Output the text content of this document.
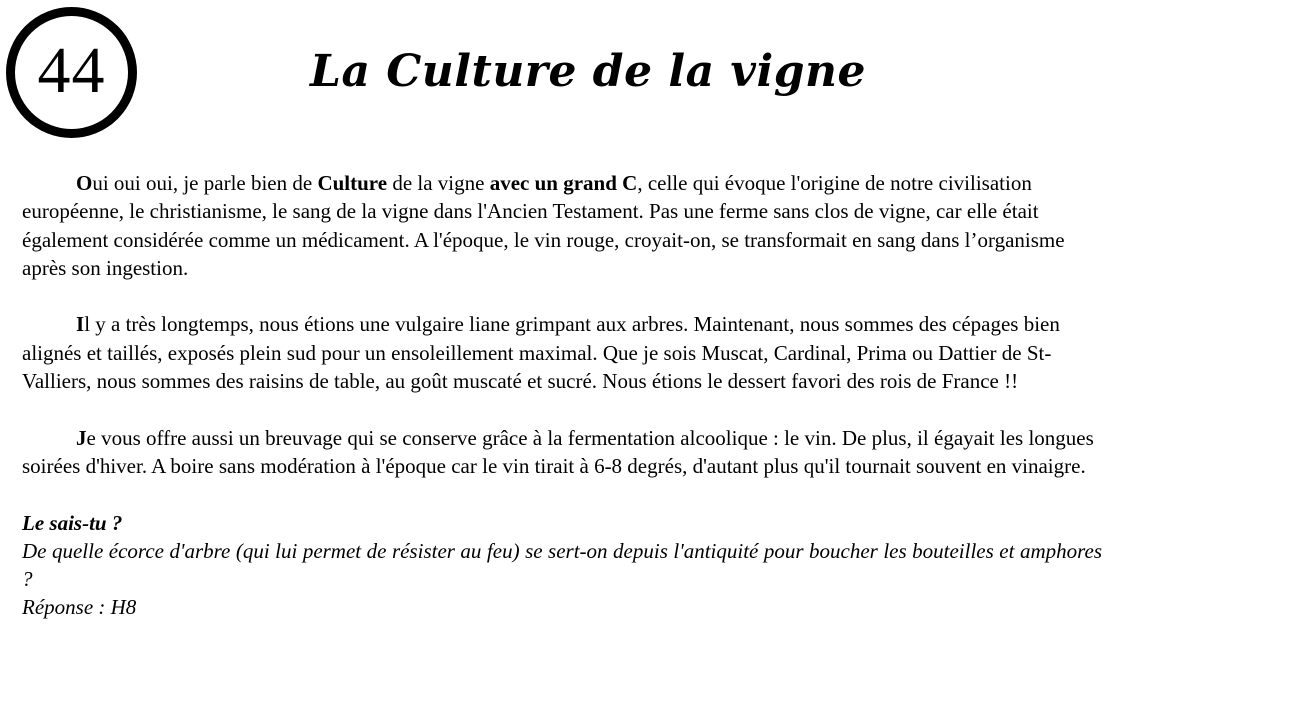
44	La Culture de la vigne

Oui oui oui, je parle bien de Culture de la vigne avec un grand C, celle qui évoque l'origine de notre civilisation européenne, le christianisme, le sang de la vigne dans l'Ancien Testament. Pas une ferme sans clos de vigne, car elle était également considérée comme un médicament. A l'époque, le vin rouge, croyait-on, se transformait en sang dans l’organisme après son ingestion.

Il y a très longtemps, nous étions une vulgaire liane grimpant aux arbres. Maintenant, nous sommes des cépages bien alignés et taillés, exposés plein sud pour un ensoleillement maximal. Que je sois Muscat, Cardinal, Prima ou Dattier de St-Valliers, nous sommes des raisins de table, au goût muscaté et sucré. Nous étions le dessert favori des rois de France !!

Je vous offre aussi un breuvage qui se conserve grâce à la fermentation alcoolique : le vin. De plus, il égayait les longues soirées d'hiver. A boire sans modération à l'époque car le vin tirait à 6-8 degrés, d'autant plus qu'il tournait souvent en vinaigre.

Le sais-tu ?

De quelle écorce d'arbre (qui lui permet de résister au feu) se sert-on depuis l'antiquité pour boucher les bouteilles et amphores ?

Réponse : H8
